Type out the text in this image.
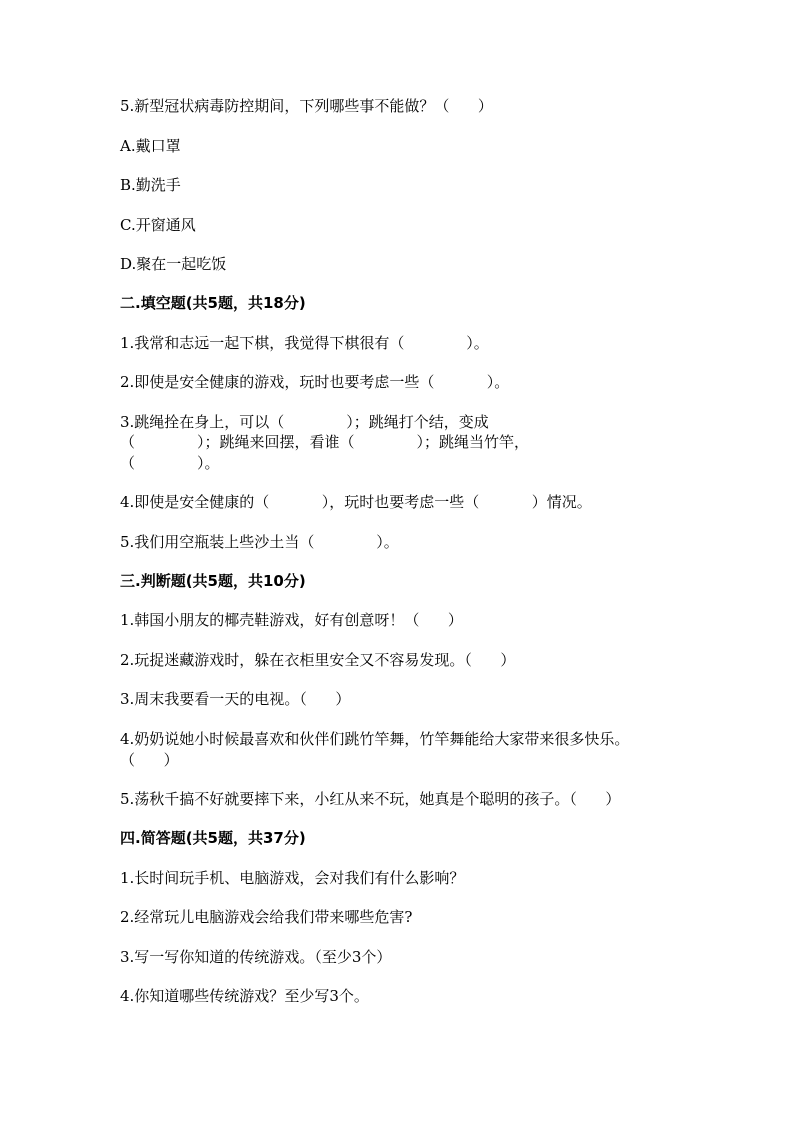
5.新型冠状病毒防控期间，下列哪些事不能做？（      ）

A.戴口罩

B.勤洗手

C.开窗通风

D.聚在一起吃饭

二.填空题(共5题，共18分)

1.我常和志远一起下棋，我觉得下棋很有（             ）。

2.即使是安全健康的游戏，玩时也要考虑一些（           ）。

3.跳绳拴在身上，可以（             ）；跳绳打个结，变成

（             ）；跳绳来回摆，看谁（             ）；跳绳当竹竿，

（             ）。

4.即使是安全健康的（           ），玩时也要考虑一些（           ）情况。

5.我们用空瓶装上些沙土当（             ）。

三.判断题(共5题，共10分)

1.韩国小朋友的椰壳鞋游戏，好有创意呀！（      ）

2.玩捉迷藏游戏时，躲在衣柜里安全又不容易发现。（      ）

3.周末我要看一天的电视。（      ）

4.奶奶说她小时候最喜欢和伙伴们跳竹竿舞，竹竿舞能给大家带来很多快乐。

（      ）

5.荡秋千搞不好就要摔下来，小红从来不玩，她真是个聪明的孩子。（      ）

四.简答题(共5题，共37分)

1.长时间玩手机、电脑游戏，会对我们有什么影响？

2.经常玩儿电脑游戏会给我们带来哪些危害?

3.写一写你知道的传统游戏。（至少3个）

4.你知道哪些传统游戏？至少写3个。
